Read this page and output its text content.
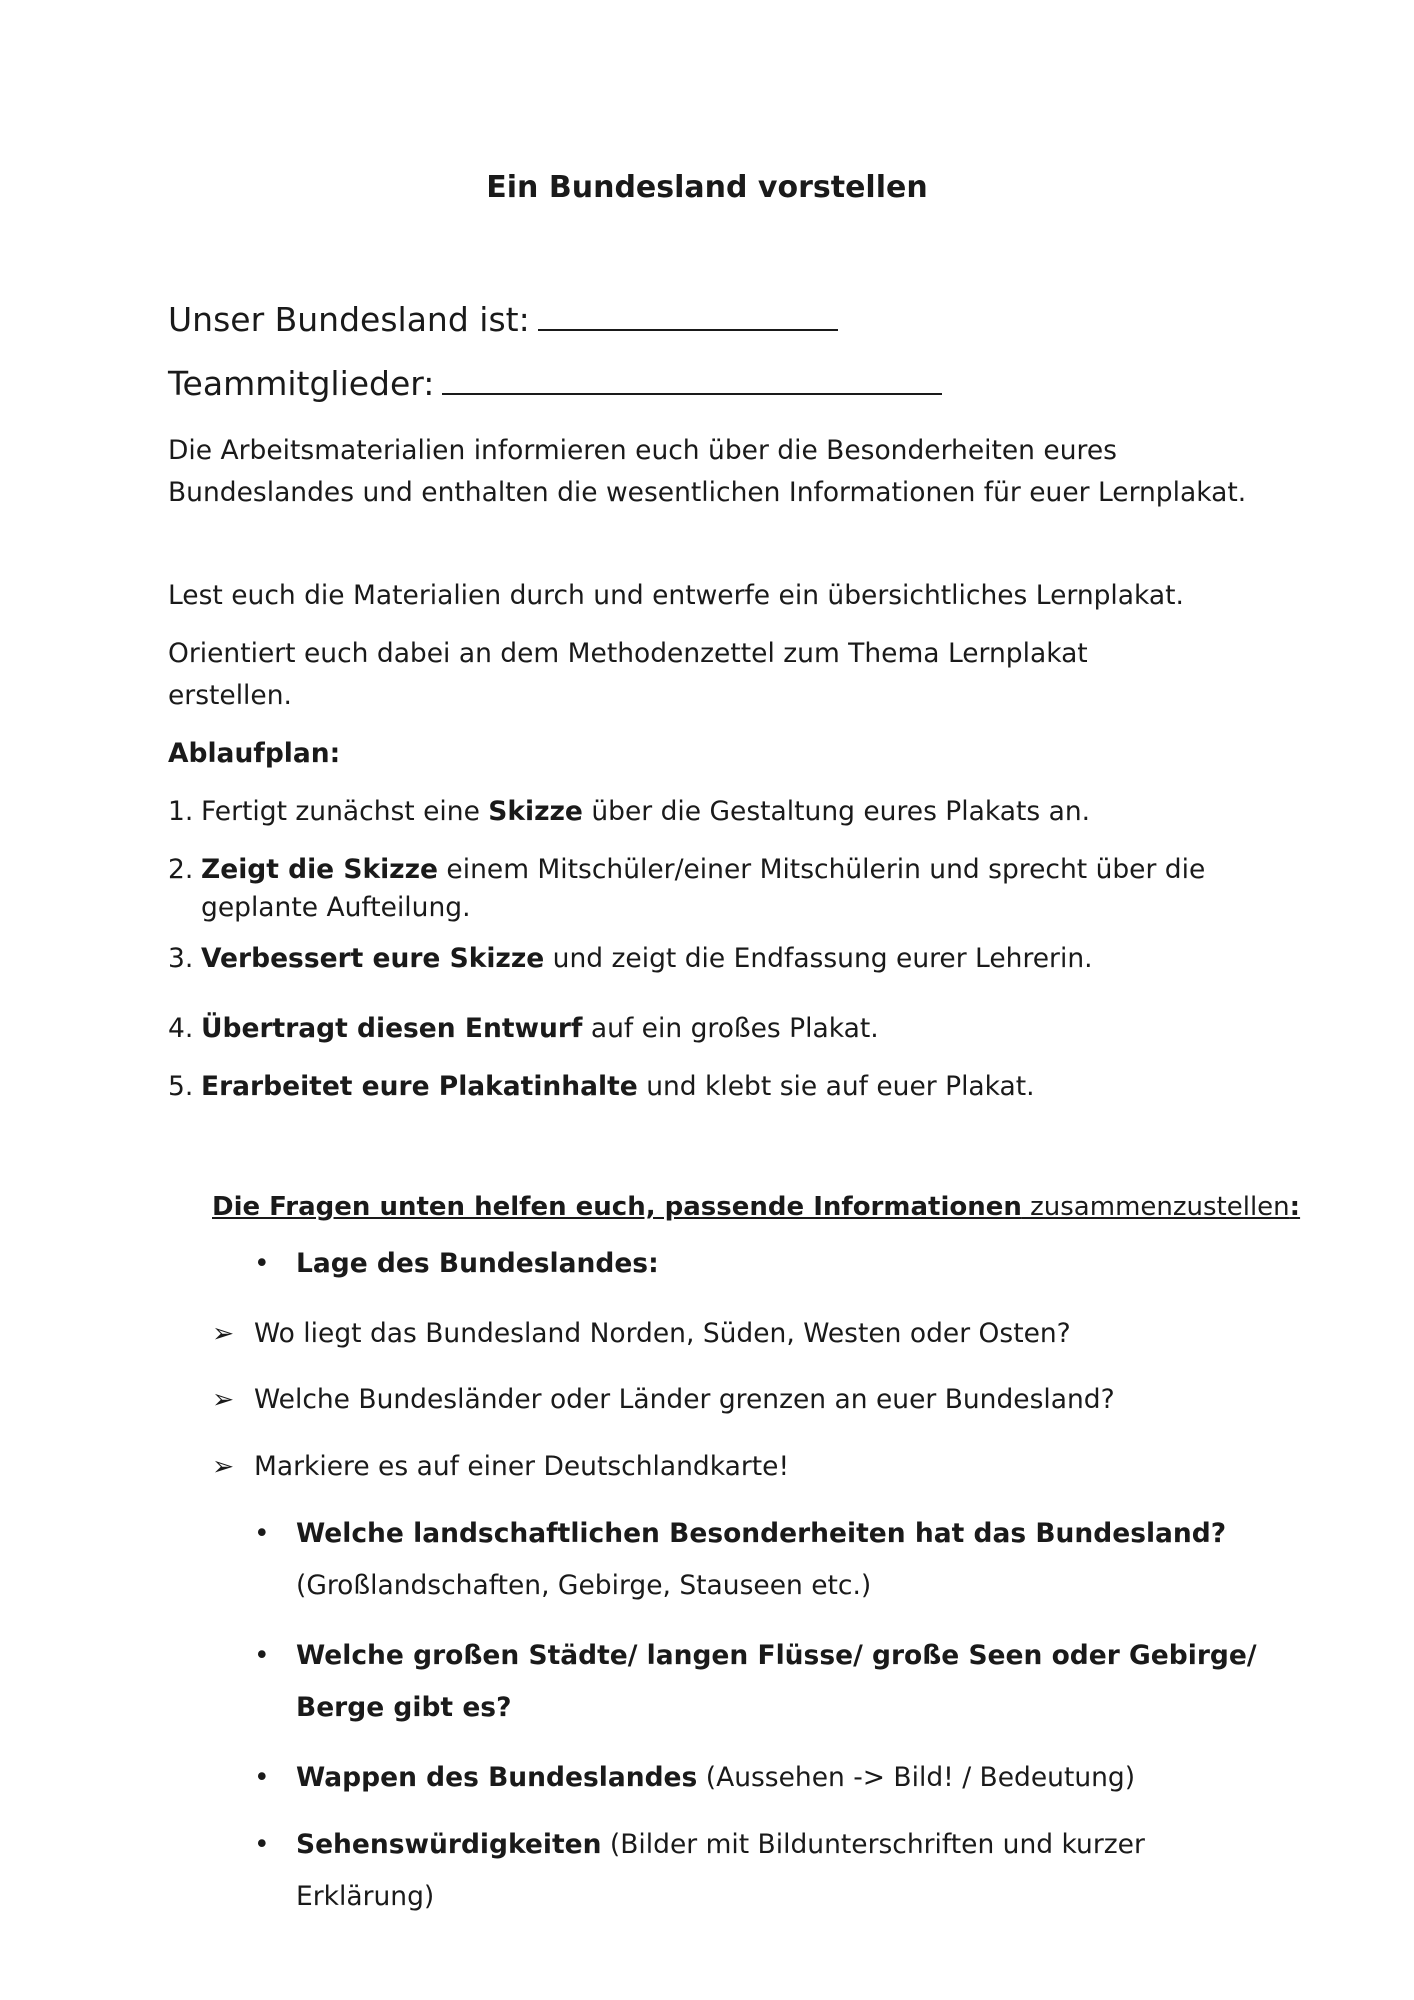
Ein Bundesland vorstellen
Unser Bundesland ist:
Teammitglieder:
Die Arbeitsmaterialien informieren euch über die Besonderheiten eures Bundeslandes und enthalten die wesentlichen Informationen für euer Lernplakat.
Lest euch die Materialien durch und entwerfe ein übersichtliches Lernplakat.
Orientiert euch dabei an dem Methodenzettel zum Thema Lernplakat erstellen.
Ablaufplan:
1. Fertigt zunächst eine Skizze über die Gestaltung eures Plakats an.
2. Zeigt die Skizze einem Mitschüler/einer Mitschülerin und sprecht über die
geplante Aufteilung.
3. Verbessert eure Skizze und zeigt die Endfassung eurer Lehrerin.
4. Übertragt diesen Entwurf auf ein großes Plakat.
5. Erarbeitet eure Plakatinhalte und klebt sie auf euer Plakat.
Die Fragen unten helfen euch, passende Informationen zusammenzustellen:
• Lage des Bundeslandes:
➢ Wo liegt das Bundesland Norden, Süden, Westen oder Osten?
➢ Welche Bundesländer oder Länder grenzen an euer Bundesland?
➢ Markiere es auf einer Deutschlandkarte!
• Welche landschaftlichen Besonderheiten hat das Bundesland?
(Großlandschaften, Gebirge, Stauseen etc.)
• Welche großen Städte/ langen Flüsse/ große Seen oder Gebirge/ Berge gibt es?
• Wappen des Bundeslandes (Aussehen -> Bild! / Bedeutung)
• Sehenswürdigkeiten (Bilder mit Bildunterschriften und kurzer Erklärung)
